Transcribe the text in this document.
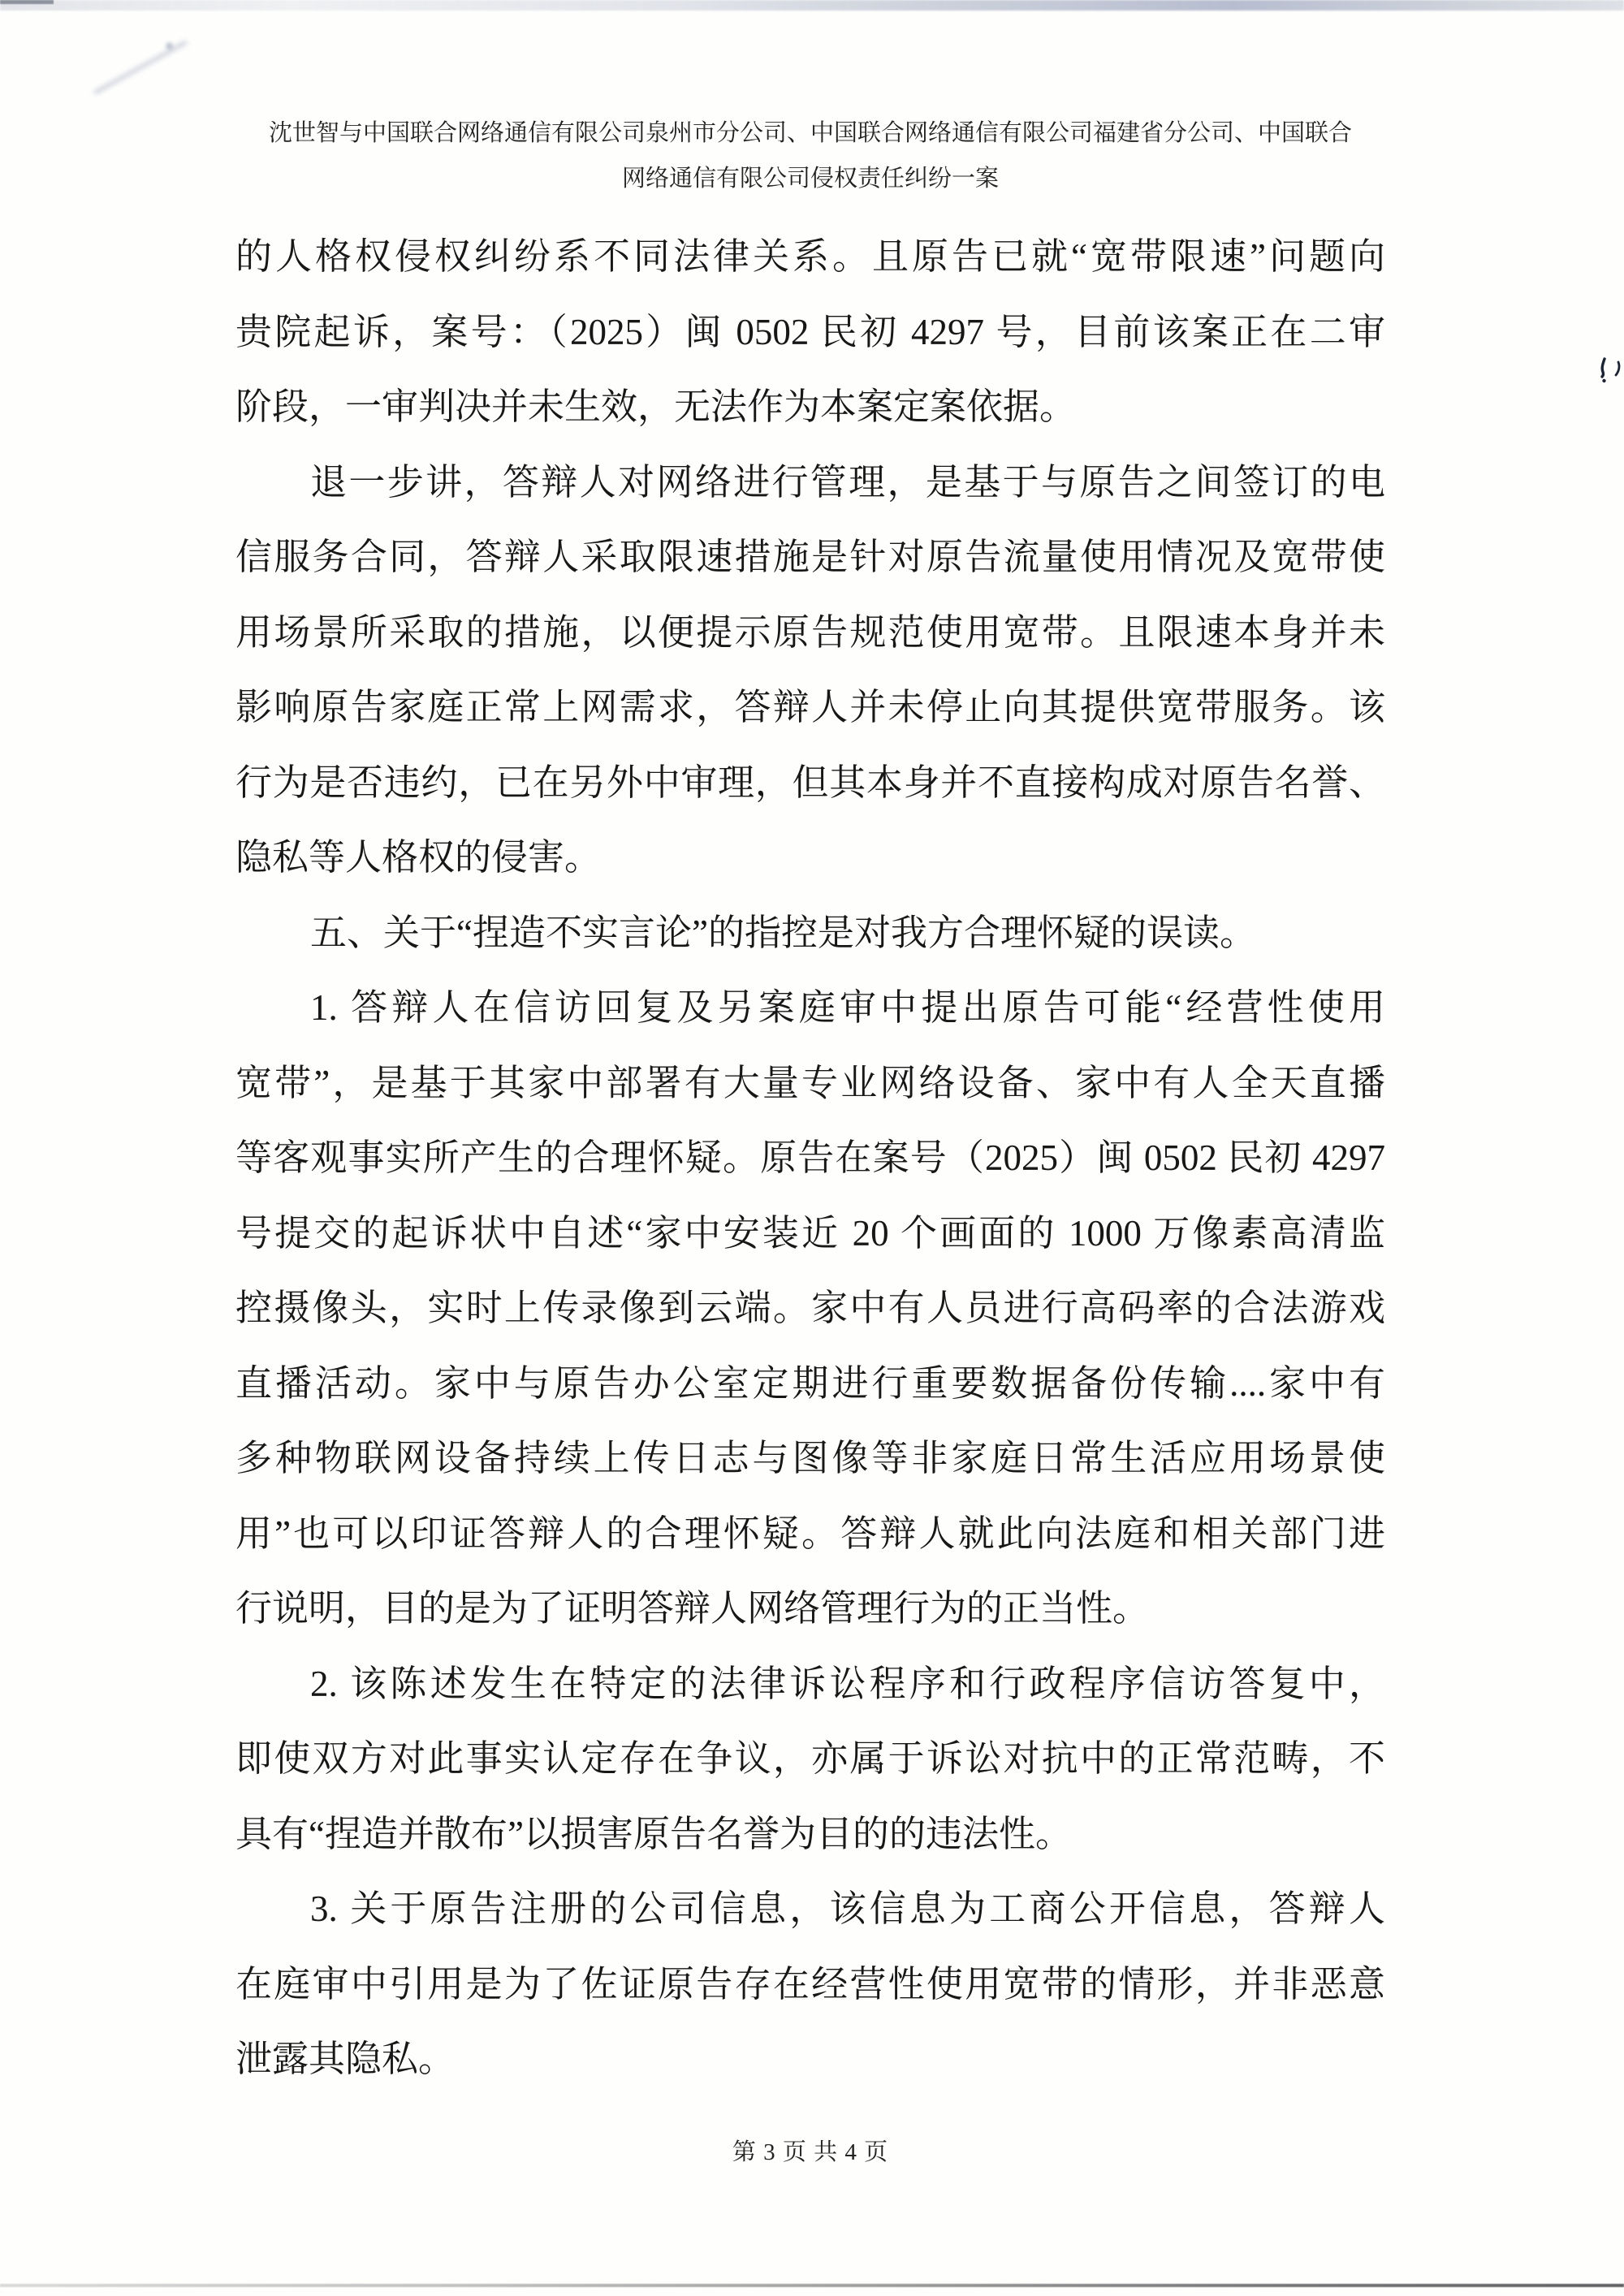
沈世智与中国联合网络通信有限公司泉州市分公司、中国联合网络通信有限公司福建省分公司、中国联合
网络通信有限公司侵权责任纠纷一案
的人格权侵权纠纷系不同法律关系。且原告已就“宽带限速”问题向
贵院起诉，案号：（2025）闽 0502 民初 4297 号，目前该案正在二审
阶段，一审判决并未生效，无法作为本案定案依据。
退一步讲，答辩人对网络进行管理，是基于与原告之间签订的电
信服务合同，答辩人采取限速措施是针对原告流量使用情况及宽带使
用场景所采取的措施，以便提示原告规范使用宽带。且限速本身并未
影响原告家庭正常上网需求，答辩人并未停止向其提供宽带服务。该
行为是否违约，已在另外中审理，但其本身并不直接构成对原告名誉、
隐私等人格权的侵害。
五、关于“捏造不实言论”的指控是对我方合理怀疑的误读。
1. 答辩人在信访回复及另案庭审中提出原告可能“经营性使用
宽带”，是基于其家中部署有大量专业网络设备、家中有人全天直播
等客观事实所产生的合理怀疑。原告在案号（2025）闽 0502 民初 4297
号提交的起诉状中自述“家中安装近 20 个画面的 1000 万像素高清监
控摄像头，实时上传录像到云端。家中有人员进行高码率的合法游戏
直播活动。家中与原告办公室定期进行重要数据备份传输....家中有
多种物联网设备持续上传日志与图像等非家庭日常生活应用场景使
用”也可以印证答辩人的合理怀疑。答辩人就此向法庭和相关部门进
行说明，目的是为了证明答辩人网络管理行为的正当性。
2. 该陈述发生在特定的法律诉讼程序和行政程序信访答复中，
即使双方对此事实认定存在争议，亦属于诉讼对抗中的正常范畴，不
具有“捏造并散布”以损害原告名誉为目的的违法性。
3. 关于原告注册的公司信息，该信息为工商公开信息，答辩人
在庭审中引用是为了佐证原告存在经营性使用宽带的情形，并非恶意
泄露其隐私。
第 3 页 共 4 页
